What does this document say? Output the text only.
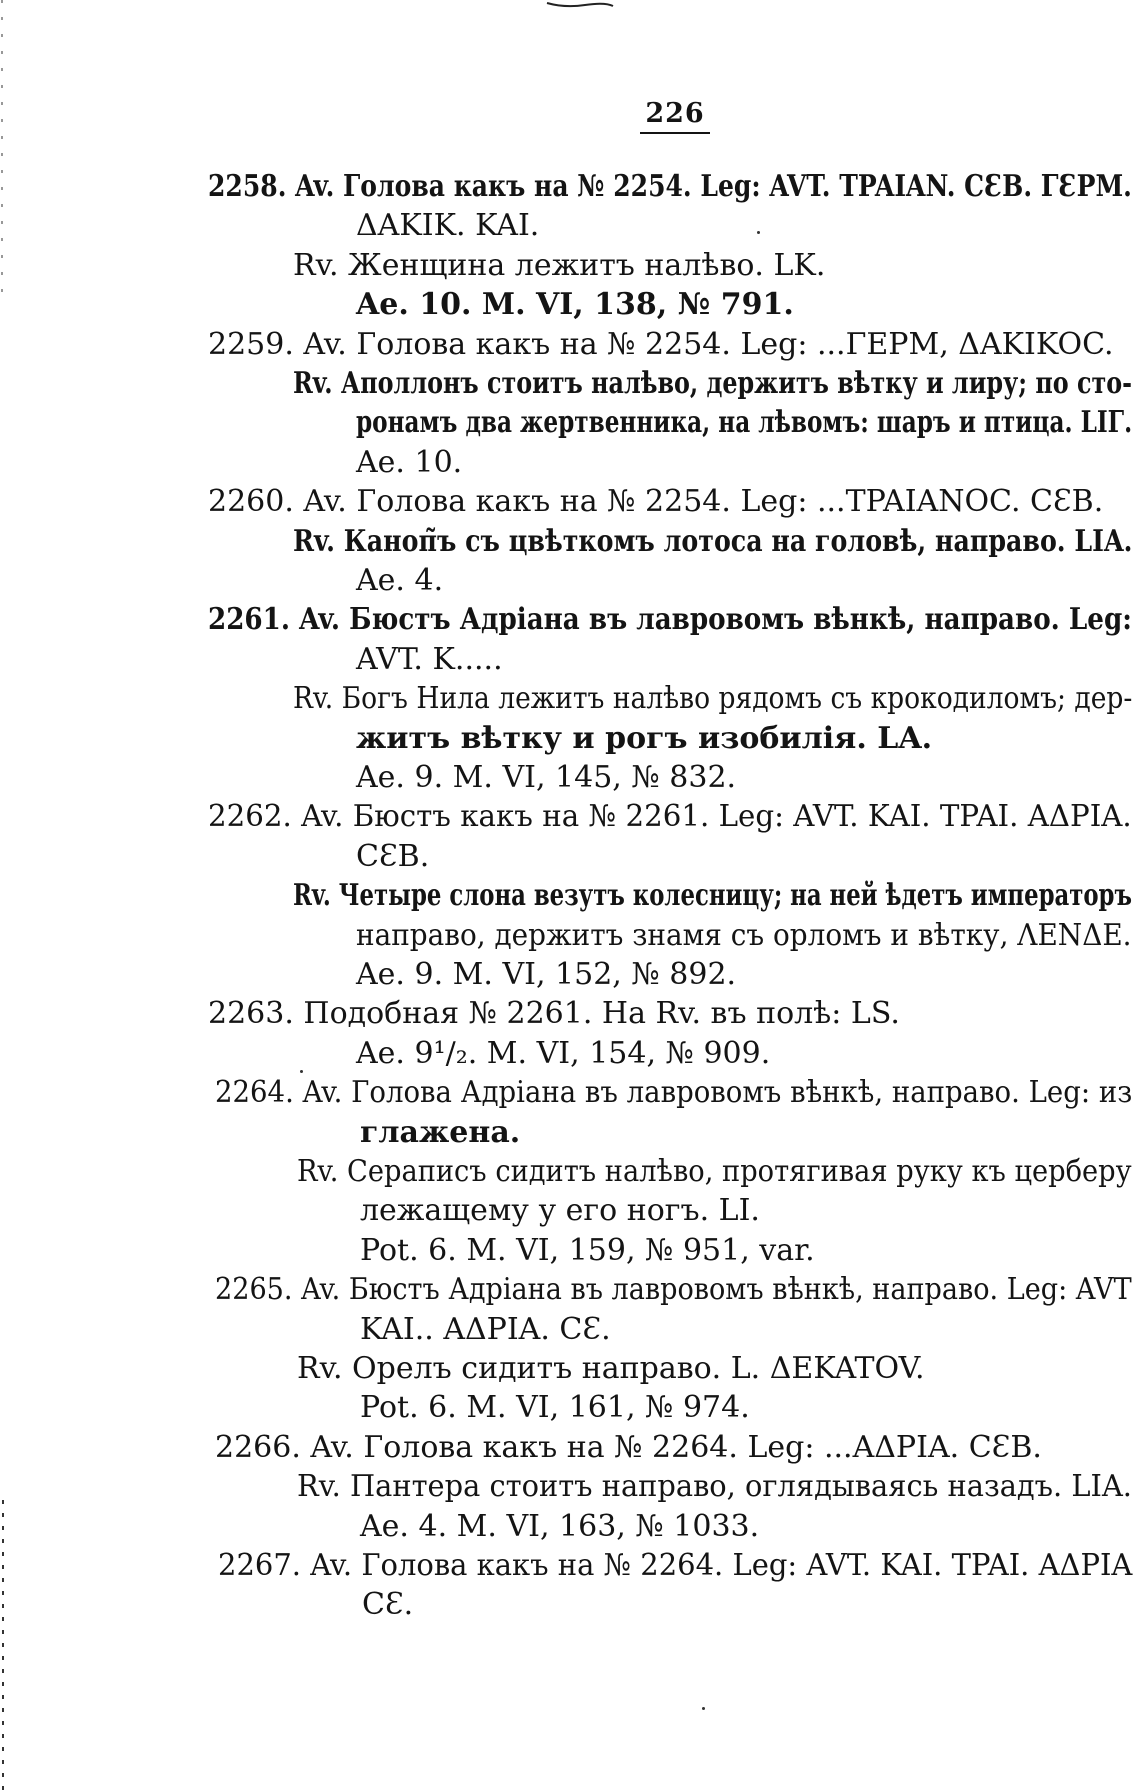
226
2258. Av. Голова какъ на № 2254. Leg: AVT. TPAIAN. CƐB. ΓƐPM.
ΔAKIK. KAI.
Rv. Женщина лежитъ налѣво. LK.
Ae. 10. M. VI, 138, № 791.
2259. Av. Голова какъ на № 2254. Leg: ...ΓEPM, ΔAKIKOC.
Rv. Аполлонъ стоитъ налѣво, держитъ вѣтку и лиру; по сто-
ронамъ два жертвенника, на лѣвомъ: шаръ и птица. LIΓ.
Ae. 10.
2260. Av. Голова какъ на № 2254. Leg: ...TPAIANOC. CƐB.
Rv. Каноп̃ъ съ цвѣткомъ лотоса на головѣ, направо. LIA.
Ae. 4.
2261. Av. Бюстъ Адріана въ лавровомъ вѣнкѣ, направо. Leg:
AVT. K.....
Rv. Богъ Нила лежитъ налѣво рядомъ съ крокодиломъ; дер-
житъ вѣтку и рогъ изобилія. LA.
Ae. 9. M. VI, 145, № 832.
2262. Av. Бюстъ какъ на № 2261. Leg: AVT. KAI. TPAI. AΔPIA.
CƐB.
Rv. Четыре слона везутъ колесницу; на ней ѣдетъ императоръ
направо, держитъ знамя съ орломъ и вѣтку, ΛENΔE.
Ae. 9. M. VI, 152, № 892.
2263. Подобная № 2261. На Rv. въ полѣ: LS.
Ae. 9¹/₂. M. VI, 154, № 909.
2264. Av. Голова Адріана въ лавровомъ вѣнкѣ, направо. Leg: из
глажена.
Rv. Сераписъ сидитъ налѣво, протягивая руку къ церберу
лежащему у его ногъ. LI.
Pot. 6. M. VI, 159, № 951, var.
2265. Av. Бюстъ Адріана въ лавровомъ вѣнкѣ, направо. Leg: AVT
KAI.. AΔPIA. CƐ.
Rv. Орелъ сидитъ направо. L. ΔEKATOV.
Pot. 6. M. VI, 161, № 974.
2266. Av. Голова какъ на № 2264. Leg: ...AΔPIA. CƐB.
Rv. Пантера стоитъ направо, оглядываясь назадъ. LIA.
Ae. 4. M. VI, 163, № 1033.
2267. Av. Голова какъ на № 2264. Leg: AVT. KAI. TPAI. AΔPIA
CƐ.
